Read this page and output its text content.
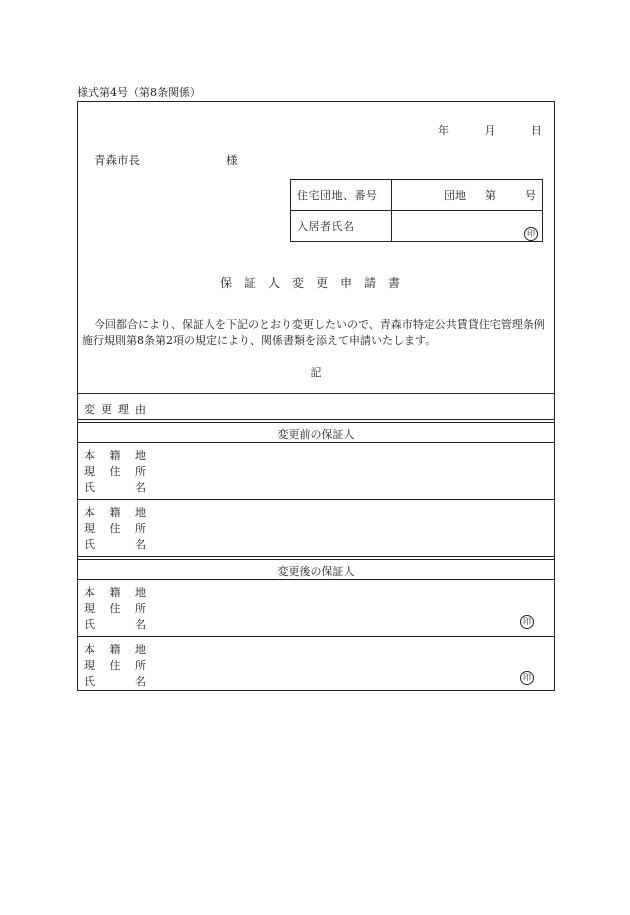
様式第4号（第8条関係）
年	月	日
青森市長	様
住宅団地、番号	団地 第 号
入居者氏名	印
保証人変更申請書
今回都合により、保証人を下記のとおり変更したいので、青森市特定公共賃貸住宅管理条例施行規則第8条第2項の規定により、関係書類を添えて申請いたします。
記
変更理由
変更前の保証人
本 籍 地
現 住 所
氏	名
本 籍 地
現 住 所
氏	名
変更後の保証人
本 籍 地
現 住 所
氏	名	印
本 籍 地
現 住 所
氏	名	印
